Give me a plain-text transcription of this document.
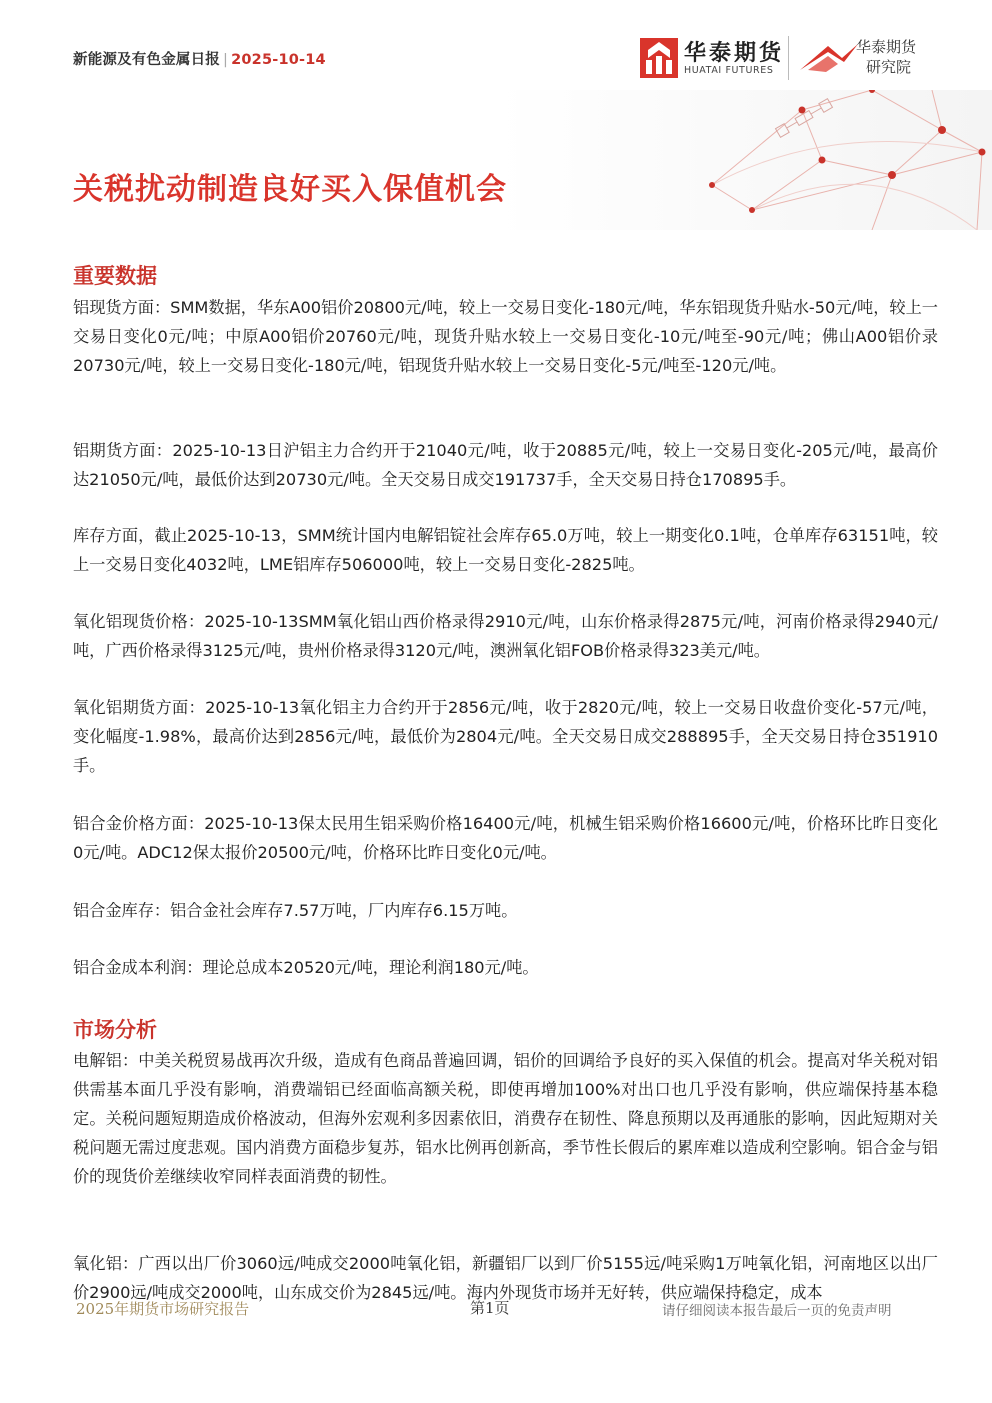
新能源及有色金属日报 | 2025-10-14	华泰期货
HUATAI FUTURES
华泰期货
研究院
关税扰动制造良好买入保值机会
重要数据
铝现货方面：SMM数据，华东A00铝价20800元/吨，较上一交易日变化-180元/吨，华东铝现货升贴水-50元/吨，较上一交易日变化0元/吨；中原A00铝价20760元/吨，现货升贴水较上一交易日变化-10元/吨至-90元/吨；佛山A00铝价录20730元/吨，较上一交易日变化-180元/吨，铝现货升贴水较上一交易日变化-5元/吨至-120元/吨。
铝期货方面：2025-10-13日沪铝主力合约开于21040元/吨，收于20885元/吨，较上一交易日变化-205元/吨，最高价达21050元/吨，最低价达到20730元/吨。全天交易日成交191737手，全天交易日持仓170895手。
库存方面，截止2025-10-13，SMM统计国内电解铝锭社会库存65.0万吨，较上一期变化0.1吨，仓单库存63151吨，较上一交易日变化4032吨，LME铝库存506000吨，较上一交易日变化-2825吨。
氧化铝现货价格：2025-10-13SMM氧化铝山西价格录得2910元/吨，山东价格录得2875元/吨，河南价格录得2940元/吨，广西价格录得3125元/吨，贵州价格录得3120元/吨，澳洲氧化铝FOB价格录得323美元/吨。
氧化铝期货方面：2025-10-13氧化铝主力合约开于2856元/吨，收于2820元/吨，较上一交易日收盘价变化-57元/吨，变化幅度-1.98%，最高价达到2856元/吨，最低价为2804元/吨。全天交易日成交288895手，全天交易日持仓351910手。
铝合金价格方面：2025-10-13保太民用生铝采购价格16400元/吨，机械生铝采购价格16600元/吨，价格环比昨日变化0元/吨。ADC12保太报价20500元/吨，价格环比昨日变化0元/吨。
铝合金库存：铝合金社会库存7.57万吨，厂内库存6.15万吨。
铝合金成本利润：理论总成本20520元/吨，理论利润180元/吨。
市场分析
电解铝：中美关税贸易战再次升级，造成有色商品普遍回调，铝价的回调给予良好的买入保值的机会。提高对华关税对铝供需基本面几乎没有影响，消费端铝已经面临高额关税，即使再增加100%对出口也几乎没有影响，供应端保持基本稳定。关税问题短期造成价格波动，但海外宏观利多因素依旧，消费存在韧性、降息预期以及再通胀的影响，因此短期对关税问题无需过度悲观。国内消费方面稳步复苏，铝水比例再创新高，季节性长假后的累库难以造成利空影响。铝合金与铝价的现货价差继续收窄同样表面消费的韧性。
氧化铝：广西以出厂价3060远/吨成交2000吨氧化铝，新疆铝厂以到厂价5155远/吨采购1万吨氧化铝，河南地区以出厂价2900远/吨成交2000吨，山东成交价为2845远/吨。海内外现货市场并无好转，供应端保持稳定，成本
2025年期货市场研究报告	第1页	请仔细阅读本报告最后一页的免责声明
